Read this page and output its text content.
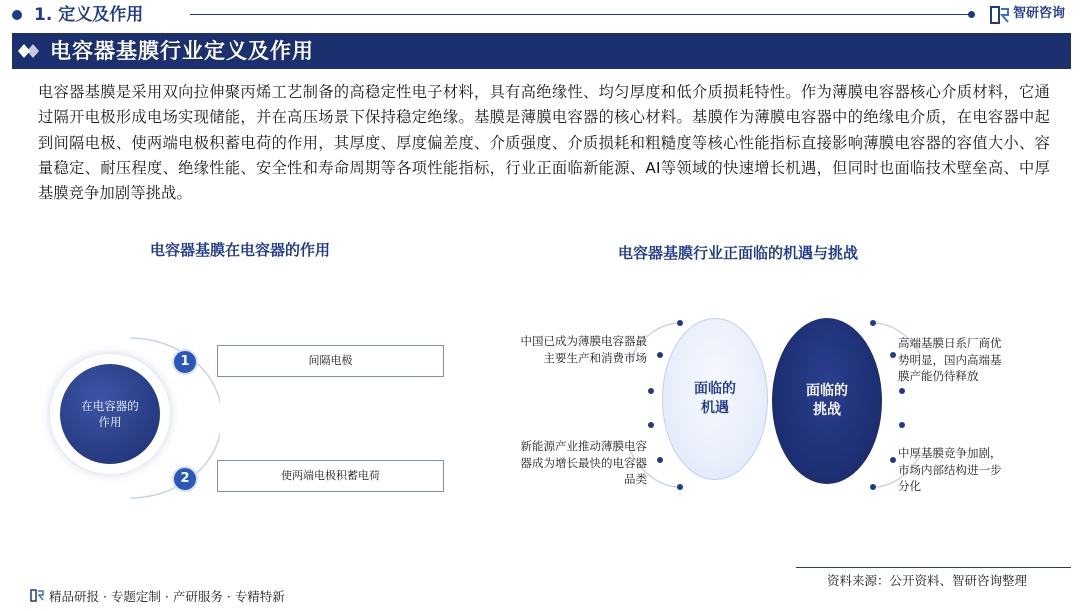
1. 定义及作用	智研咨询
电容器基膜行业定义及作用
电容器基膜是采用双向拉伸聚丙烯工艺制备的高稳定性电子材料，具有高绝缘性、均匀厚度和低介质损耗特性。作为薄膜电容器核心介质材料，它通过隔开电极形成电场实现储能，并在高压场景下保持稳定绝缘。基膜是薄膜电容器的核心材料。基膜作为薄膜电容器中的绝缘电介质，在电容器中起到间隔电极、使两端电极积蓄电荷的作用，其厚度、厚度偏差度、介质强度、介质损耗和粗糙度等核心性能指标直接影响薄膜电容器的容值大小、容量稳定、耐压程度、绝缘性能、安全性和寿命周期等各项性能指标，行业正面临新能源、AI等领域的快速增长机遇，但同时也面临技术壁垒高、中厚基膜竞争加剧等挑战。
电容器基膜在电容器的作用
在电容器的作用
1	间隔电极
2	使两端电极积蓄电荷
电容器基膜行业正面临的机遇与挑战
面临的机遇
面临的挑战
中国已成为薄膜电容器最主要生产和消费市场
新能源产业推动薄膜电容器成为增长最快的电容器品类
高端基膜日系厂商优势明显，国内高端基膜产能仍待释放
中厚基膜竞争加剧，市场内部结构进一步分化
资料来源：公开资料、智研咨询整理
精品研报 · 专题定制 · 产研服务 · 专精特新
